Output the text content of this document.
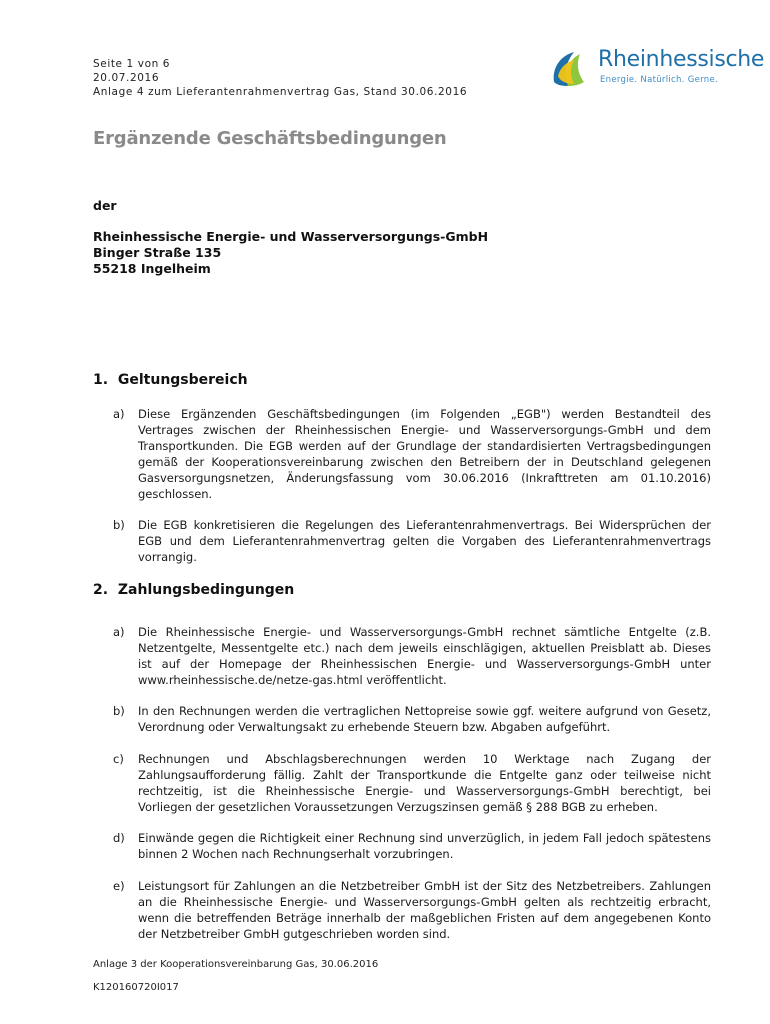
Seite 1 von 6
20.07.2016
Anlage 4 zum Lieferantenrahmenvertrag Gas, Stand 30.06.2016
Rheinhessische
Energie. Natürlich. Gerne.
Ergänzende Geschäftsbedingungen
der
Rheinhessische Energie- und Wasserversorgungs-GmbH
Binger Straße 135
55218 Ingelheim
1. Geltungsbereich
a) Diese Ergänzenden Geschäftsbedingungen (im Folgenden „EGB") werden Bestandteil des Vertrages zwischen der Rheinhessischen Energie- und Wasserversorgungs-GmbH und dem Transportkunden. Die EGB werden auf der Grundlage der standardisierten Vertragsbedingungen gemäß der Kooperationsvereinbarung zwischen den Betreibern der in Deutschland gelegenen Gasversorgungsnetzen, Änderungsfassung vom 30.06.2016 (Inkrafttreten am 01.10.2016) geschlossen.
b) Die EGB konkretisieren die Regelungen des Lieferantenrahmenvertrags. Bei Widersprüchen der EGB und dem Lieferantenrahmenvertrag gelten die Vorgaben des Lieferantenrahmenvertrags vorrangig.
2. Zahlungsbedingungen
a) Die Rheinhessische Energie- und Wasserversorgungs-GmbH rechnet sämtliche Entgelte (z.B. Netzentgelte, Messentgelte etc.) nach dem jeweils einschlägigen, aktuellen Preisblatt ab. Dieses ist auf der Homepage der Rheinhessischen Energie- und Wasserversorgungs-GmbH unter www.rheinhessische.de/netze-gas.html veröffentlicht.
b) In den Rechnungen werden die vertraglichen Nettopreise sowie ggf. weitere aufgrund von Gesetz, Verordnung oder Verwaltungsakt zu erhebende Steuern bzw. Abgaben aufgeführt.
c) Rechnungen und Abschlagsberechnungen werden 10 Werktage nach Zugang der Zahlungsaufforderung fällig. Zahlt der Transportkunde die Entgelte ganz oder teilweise nicht rechtzeitig, ist die Rheinhessische Energie- und Wasserversorgungs-GmbH berechtigt, bei Vorliegen der gesetzlichen Voraussetzungen Verzugszinsen gemäß § 288 BGB zu erheben.
d) Einwände gegen die Richtigkeit einer Rechnung sind unverzüglich, in jedem Fall jedoch spätestens binnen 2 Wochen nach Rechnungserhalt vorzubringen.
e) Leistungsort für Zahlungen an die Netzbetreiber GmbH ist der Sitz des Netzbetreibers. Zahlungen an die Rheinhessische Energie- und Wasserversorgungs-GmbH gelten als rechtzeitig erbracht, wenn die betreffenden Beträge innerhalb der maßgeblichen Fristen auf dem angegebenen Konto der Netzbetreiber GmbH gutgeschrieben worden sind.
Anlage 3 der Kooperationsvereinbarung Gas, 30.06.2016
K120160720I017
